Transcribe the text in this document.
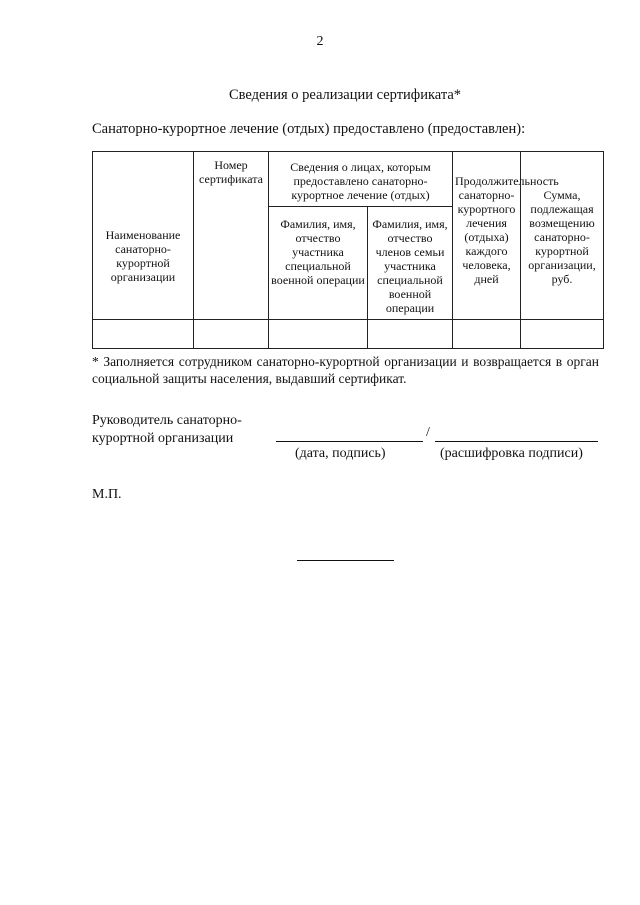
2
Сведения о реализации сертификата*
Санаторно-курортное лечение (отдых) предоставлено (предоставлен):
Наименование санаторно-курортной организации	Номер сертификата	Сведения о лицах, которым предоставлено санаторно-курортное лечение (отдых)		Продолжительность санаторно-курортного лечения (отдыха) каждого человека, дней	Сумма, подлежащая возмещению санаторно-курортной организации, руб.
		Фамилия, имя, отчество участника специальной военной операции	Фамилия, имя, отчество членов семьи участника специальной военной операции		

* Заполняется сотрудником санаторно-курортной организации и возвращается в орган социальной защиты населения, выдавший сертификат.
Руководитель санаторно-
курортной организации	/
(дата, подпись)	(расшифровка подписи)
М.П.
